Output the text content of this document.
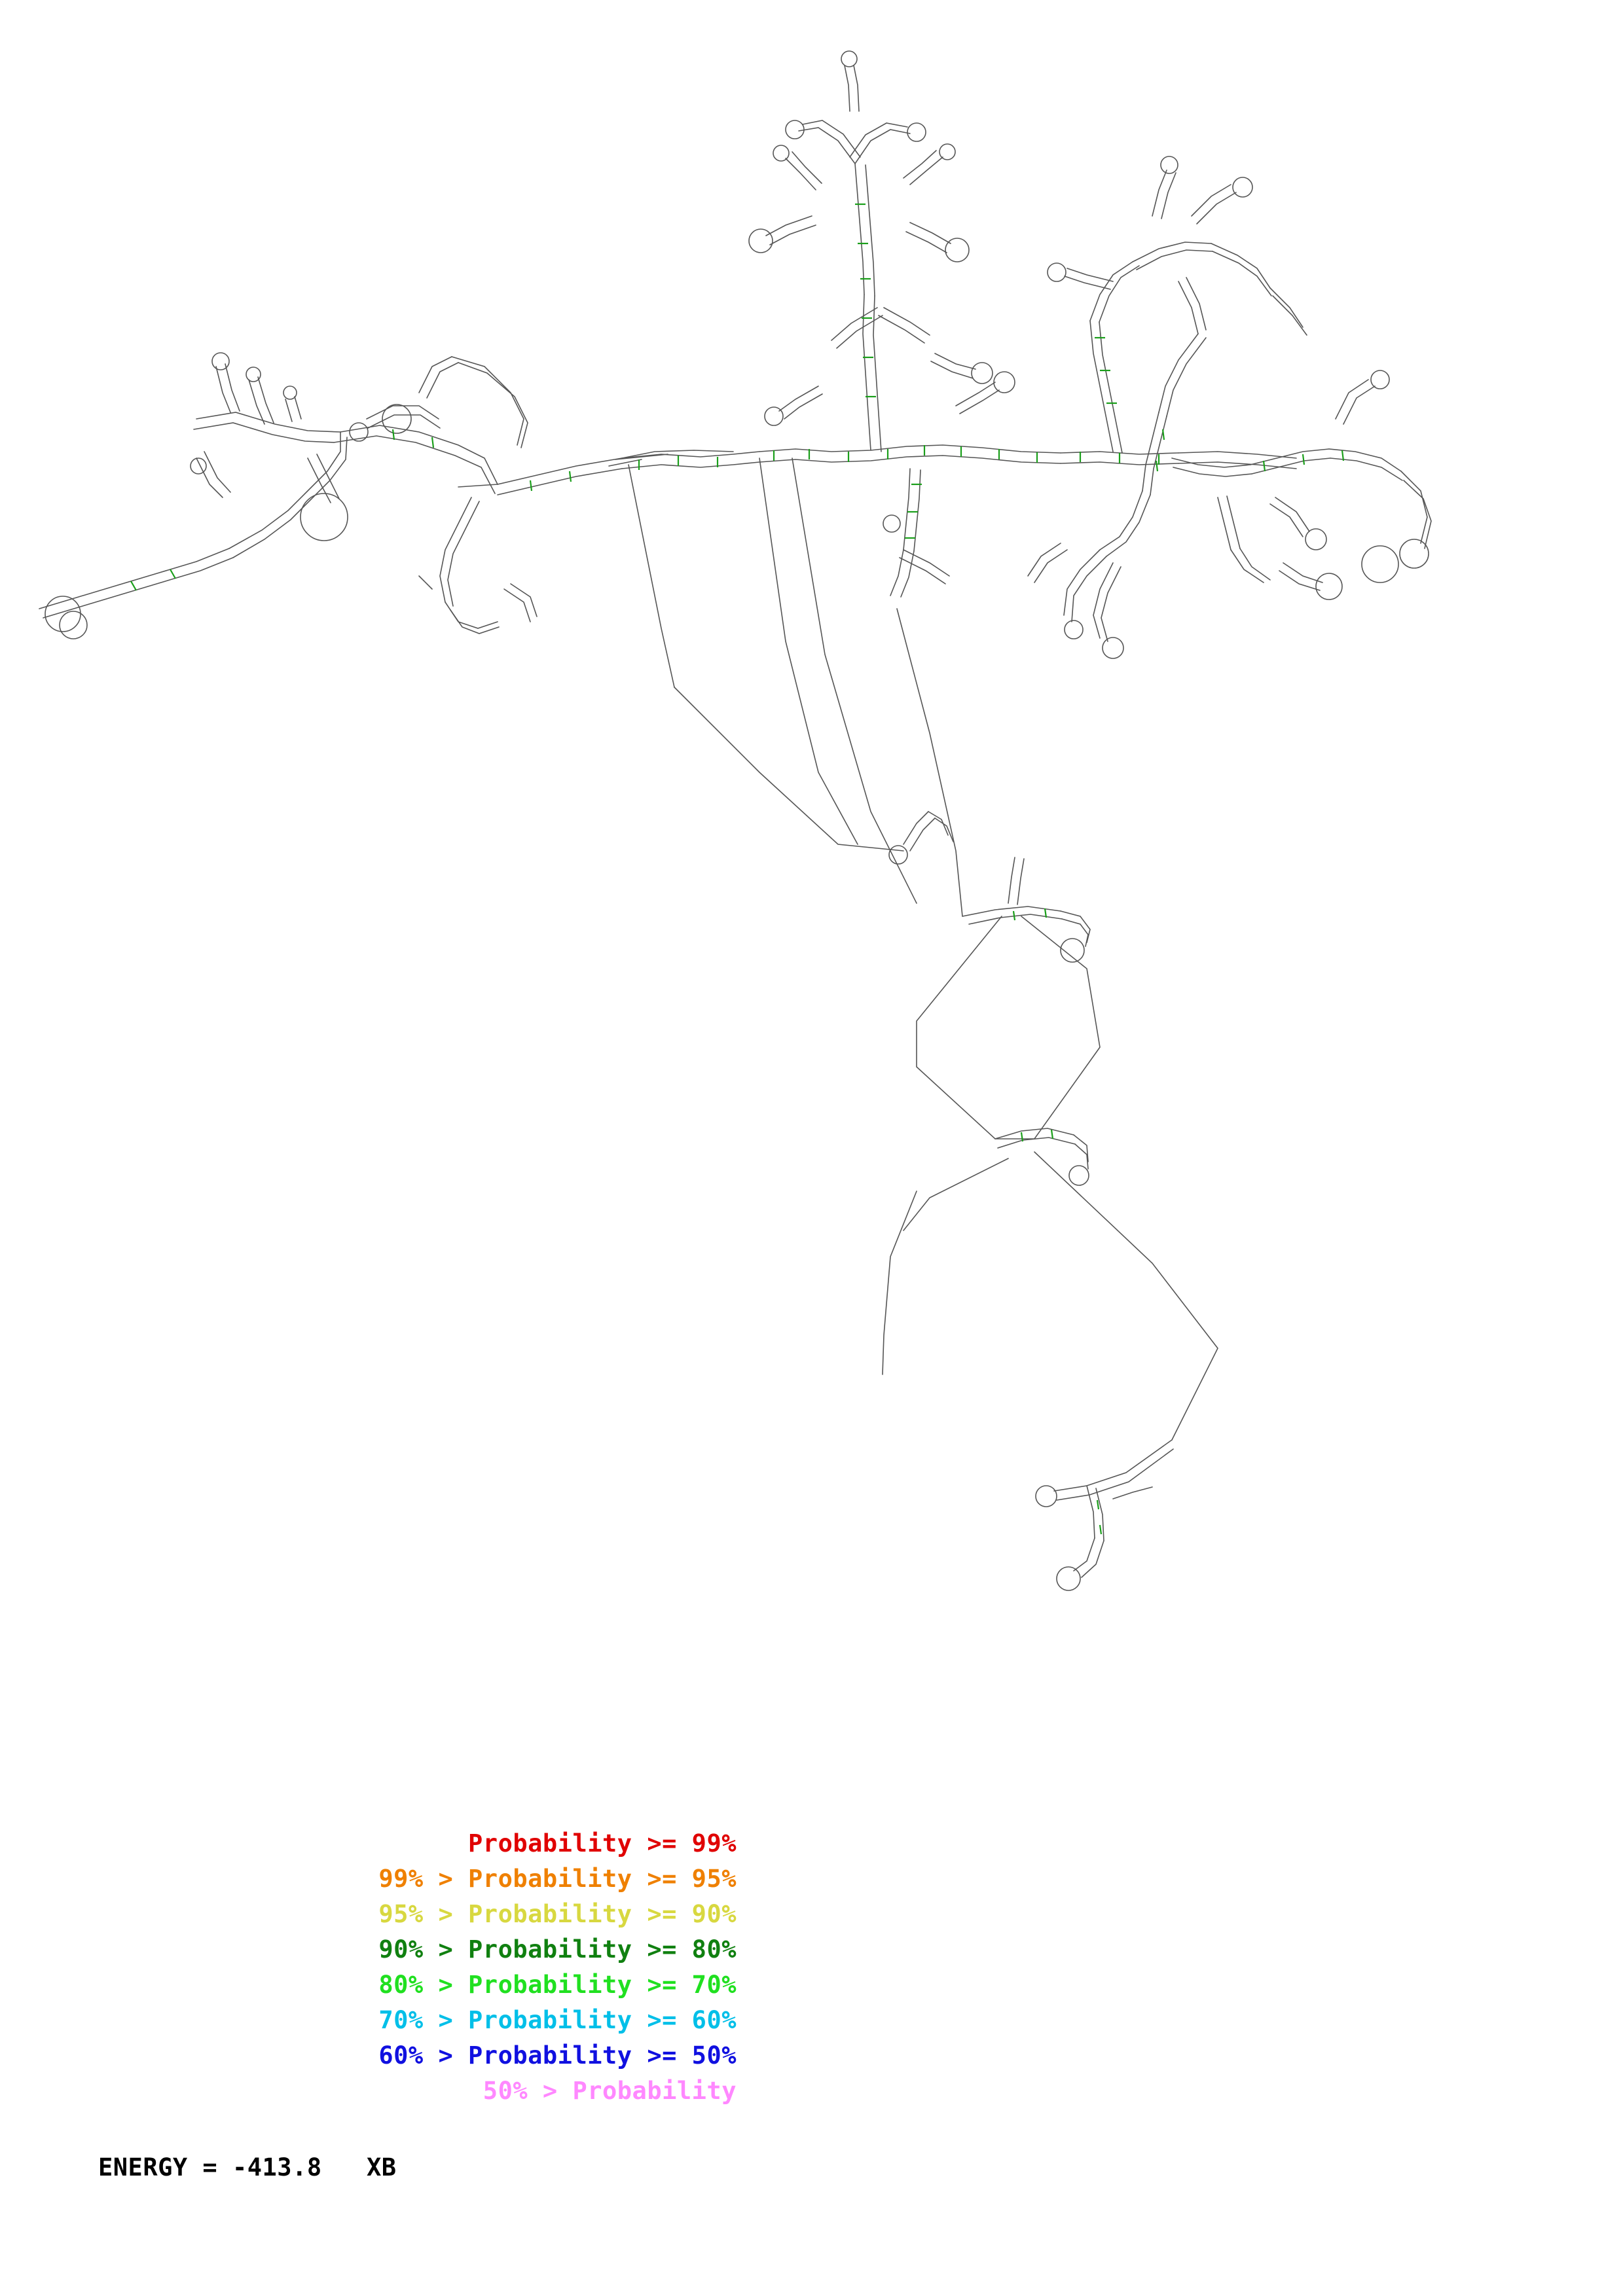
Probability >= 99%
99% > Probability >= 95%
95% > Probability >= 90%
90% > Probability >= 80%
80% > Probability >= 70%
70% > Probability >= 60%
60% > Probability >= 50%
50% > Probability
ENERGY = -413.8   XB
